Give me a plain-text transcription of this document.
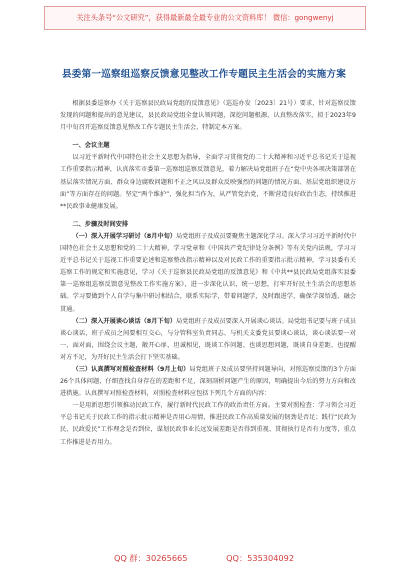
关注头条号“公文研究”，获得最新最全最专业的公文资料库！ 微信：gongwenyj
县委第一巡察组巡察反馈意见整改工作专题民主生活会的实施方案

根据县委巡察办《关于巡察县民政局党组的反馈意见》（巡巡办发〔2023〕21号）要求，针对巡察反馈发现的问题和提出的意见建议，县民政局党组全盘认领问题，深挖问题根源，认真整改落实，拟于2023年9月中旬召开巡察反馈意见整改工作专题民主生活会，特制定本方案。

一、会议主题

以习近平新时代中国特色社会主义思想为指导，全面学习贯彻党的二十大精神和习近平总书记关于巡视工作重要指示精神，认真落实市委第一巡察组巡察反馈意见，着力解决局党组班子在“党中央各项决策部署在基层落实情况方面、群众身边腐败问题和不正之风以及群众反映强烈的问题的情况方面、基层党组织建设方面”等方面存在的问题。坚定“两个维护”，强化担当作为，从严管党治党，不断营造良好政治生态，持续推进**民政事业健康发展。

二、步骤及时间安排

（一）深入开展学习研讨（8月中旬）局党组班子及成员要聚焦主题深化学习。深入学习习近平新时代中国特色社会主义思想和党的二十大精神，学习党章和《中国共产党纪律处分条例》等有关党内法规，学习习近平总书记关于巡视工作重要论述和巡察整改指示精神以及对民政工作的重要指示批示精神，学习县委有关巡察工作的规定和实施意见，学习《关于巡察县民政局党组的反馈意见》和《中共**县民政局党组落实县委第一巡察组巡察反馈意见整改工作实施方案》，进一步深化认识，统一思想，打牢开好民主生活会的思想基础。学习要做到个人自学与集中研讨相结合，联系实际学，带着问题学，及时跟进学，确保学深悟透、融会贯通。

（二）深入开展谈心谈话（8月下旬）局党组班子及成员要深入开展谈心谈话。局党组书记要与班子成员谈心谈话，班子成员之间要相互交心，与分管科室负责同志、与机关支委党员要谈心谈话，谈心谈话要一对一、面对面，围绕会议主题，敞开心扉，坦诚相见，既谈工作问题、也谈思想问题，既谈自身差距、也提醒对方不足，为开好民主生活会打下坚实基础。

（三）认真撰写对照检查材料（9月上旬）局党组班子及成员要坚持问题导向，对照巡察反馈的3个方面26个具体问题，仔细查找自身存在的差距和不足，深刻剖析问题产生的原因，明确提出今后的努力方向和改进措施。认真撰写对照检查材料，对照检查材料应包括下列几个方面的内容：

一是用新思想引领推动民政工作，履行新时代民政工作的政治责任方面。主要对照检查：学习领会习近平总书记关于民政工作的指示批示精神是否用心用情，推进民政工作高质量发展的韧劲是否足；践行“民政为民、民政爱民”工作理念是否到位，谋划民政事业长远发展差距是否得到重视、贯彻执行是否有力度等，重点工作推进是否用力。

QQ 群：30265665	QQ：535304092
